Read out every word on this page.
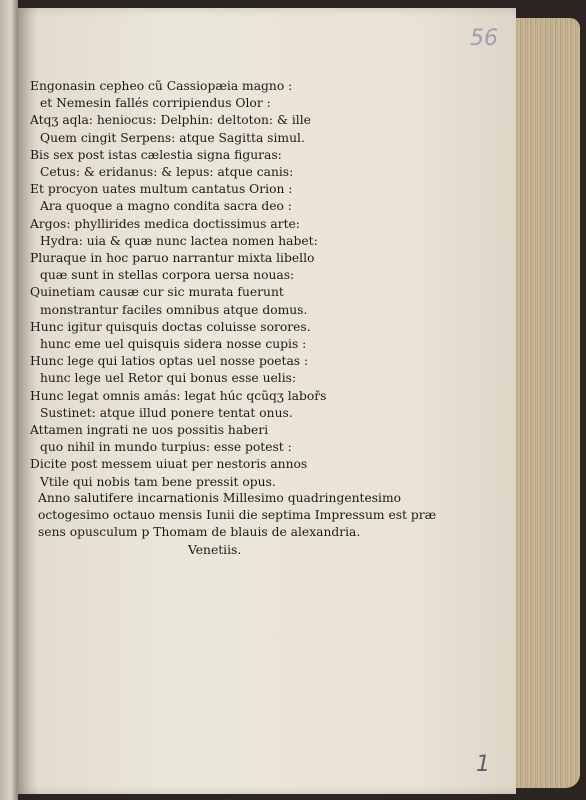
56
Engonasin cepheo cũ Cassiopæia magno :
et Nemesin fallés corripiendus Olor :
Atqʒ aqla: heniocus: Delphin: deltoton: & ille
Quem cingit Serpens: atque Sagitta simul.
Bis sex post istas cælestia signa figuras:
Cetus: & eridanus: & lepus: atque canis:
Et procyon uates multum cantatus Orion :
Ara quoque a magno condita sacra deo :
Argos: phyllirides medica doctissimus arte:
Hydra: uia & quæ nunc lactea nomen habet:
Pluraque in hoc paruo narrantur mixta libello
quæ sunt in stellas corpora uersa nouas:
Quinetiam causæ cur sic murata fuerunt
monstrantur faciles omnibus atque domus.
Hunc igitur quisquis doctas coluisse sorores.
hunc eme uel quisquis sidera nosse cupis :
Hunc lege qui latios optas uel nosse poetas :
hunc lege uel Retor qui bonus esse uelis:
Hunc legat omnis amás: legat húc qcũqʒ labořs
Sustinet: atque illud ponere tentat onus.
Attamen ingrati ne uos possitis haberi
quo nihil in mundo turpius: esse potest :
Dicite post messem uiuat per nestoris annos
Vtile qui nobis tam bene pressit opus.
Anno salutifere incarnationis Millesimo quadringentesimo
octogesimo octauo mensis Iunii die septima Impressum est præ
sens opusculum p Thomam de blauis de alexandria.
Venetiis.
1
